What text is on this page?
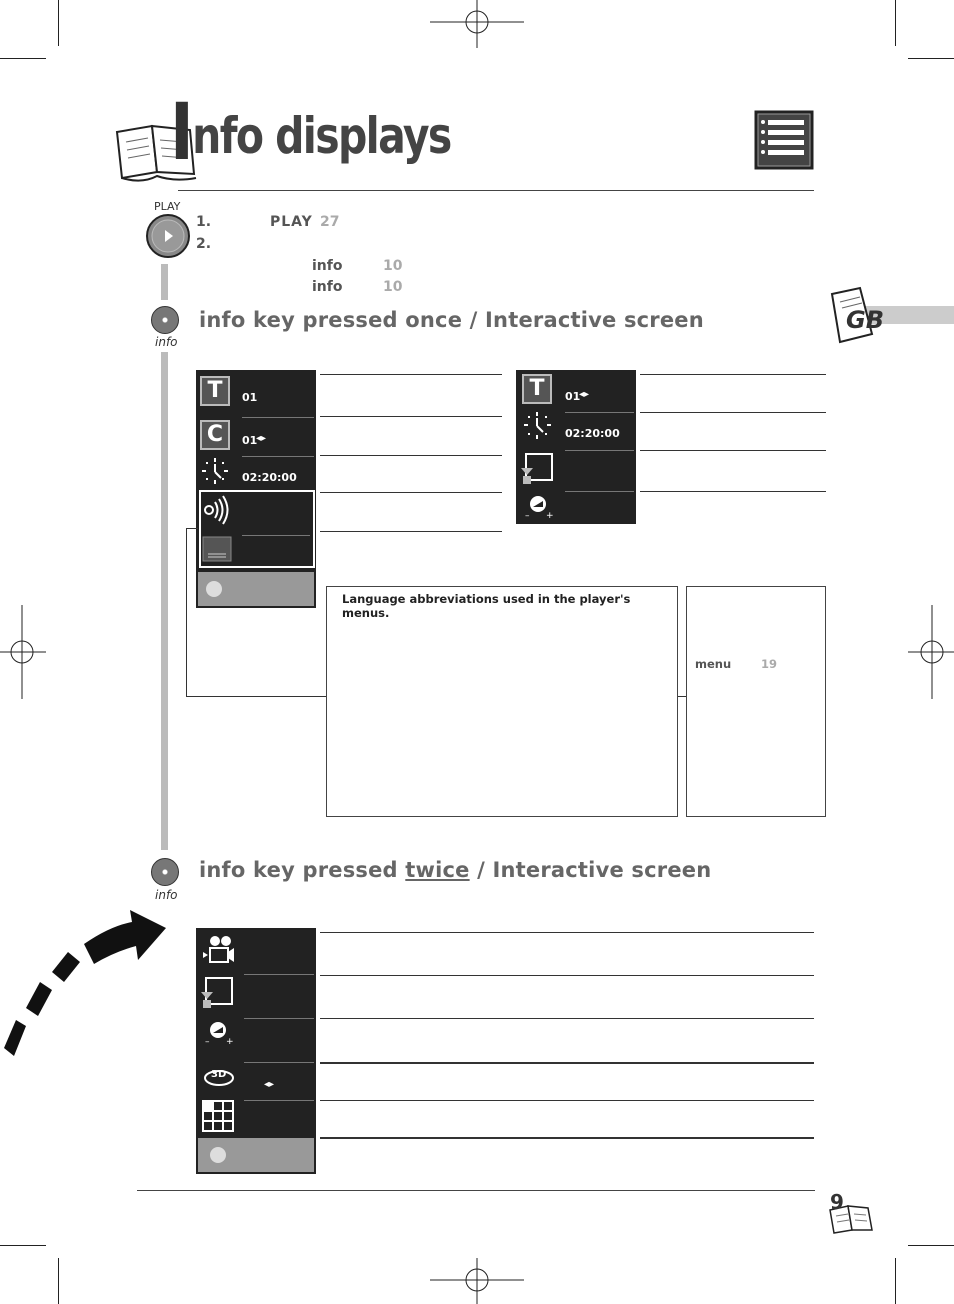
Info displays
PLAY
1.	PLAY 27
2.
info	10
info	10
GB
info
info key pressed once / Interactive screen
T	01
C	01
◂▸
02:20:00
T	01
◂▸
02:20:00
– +
Language abbreviations used in the player's menus.
menu	19
info
info key pressed twice / Interactive screen
– +
3D
◂▸
9
